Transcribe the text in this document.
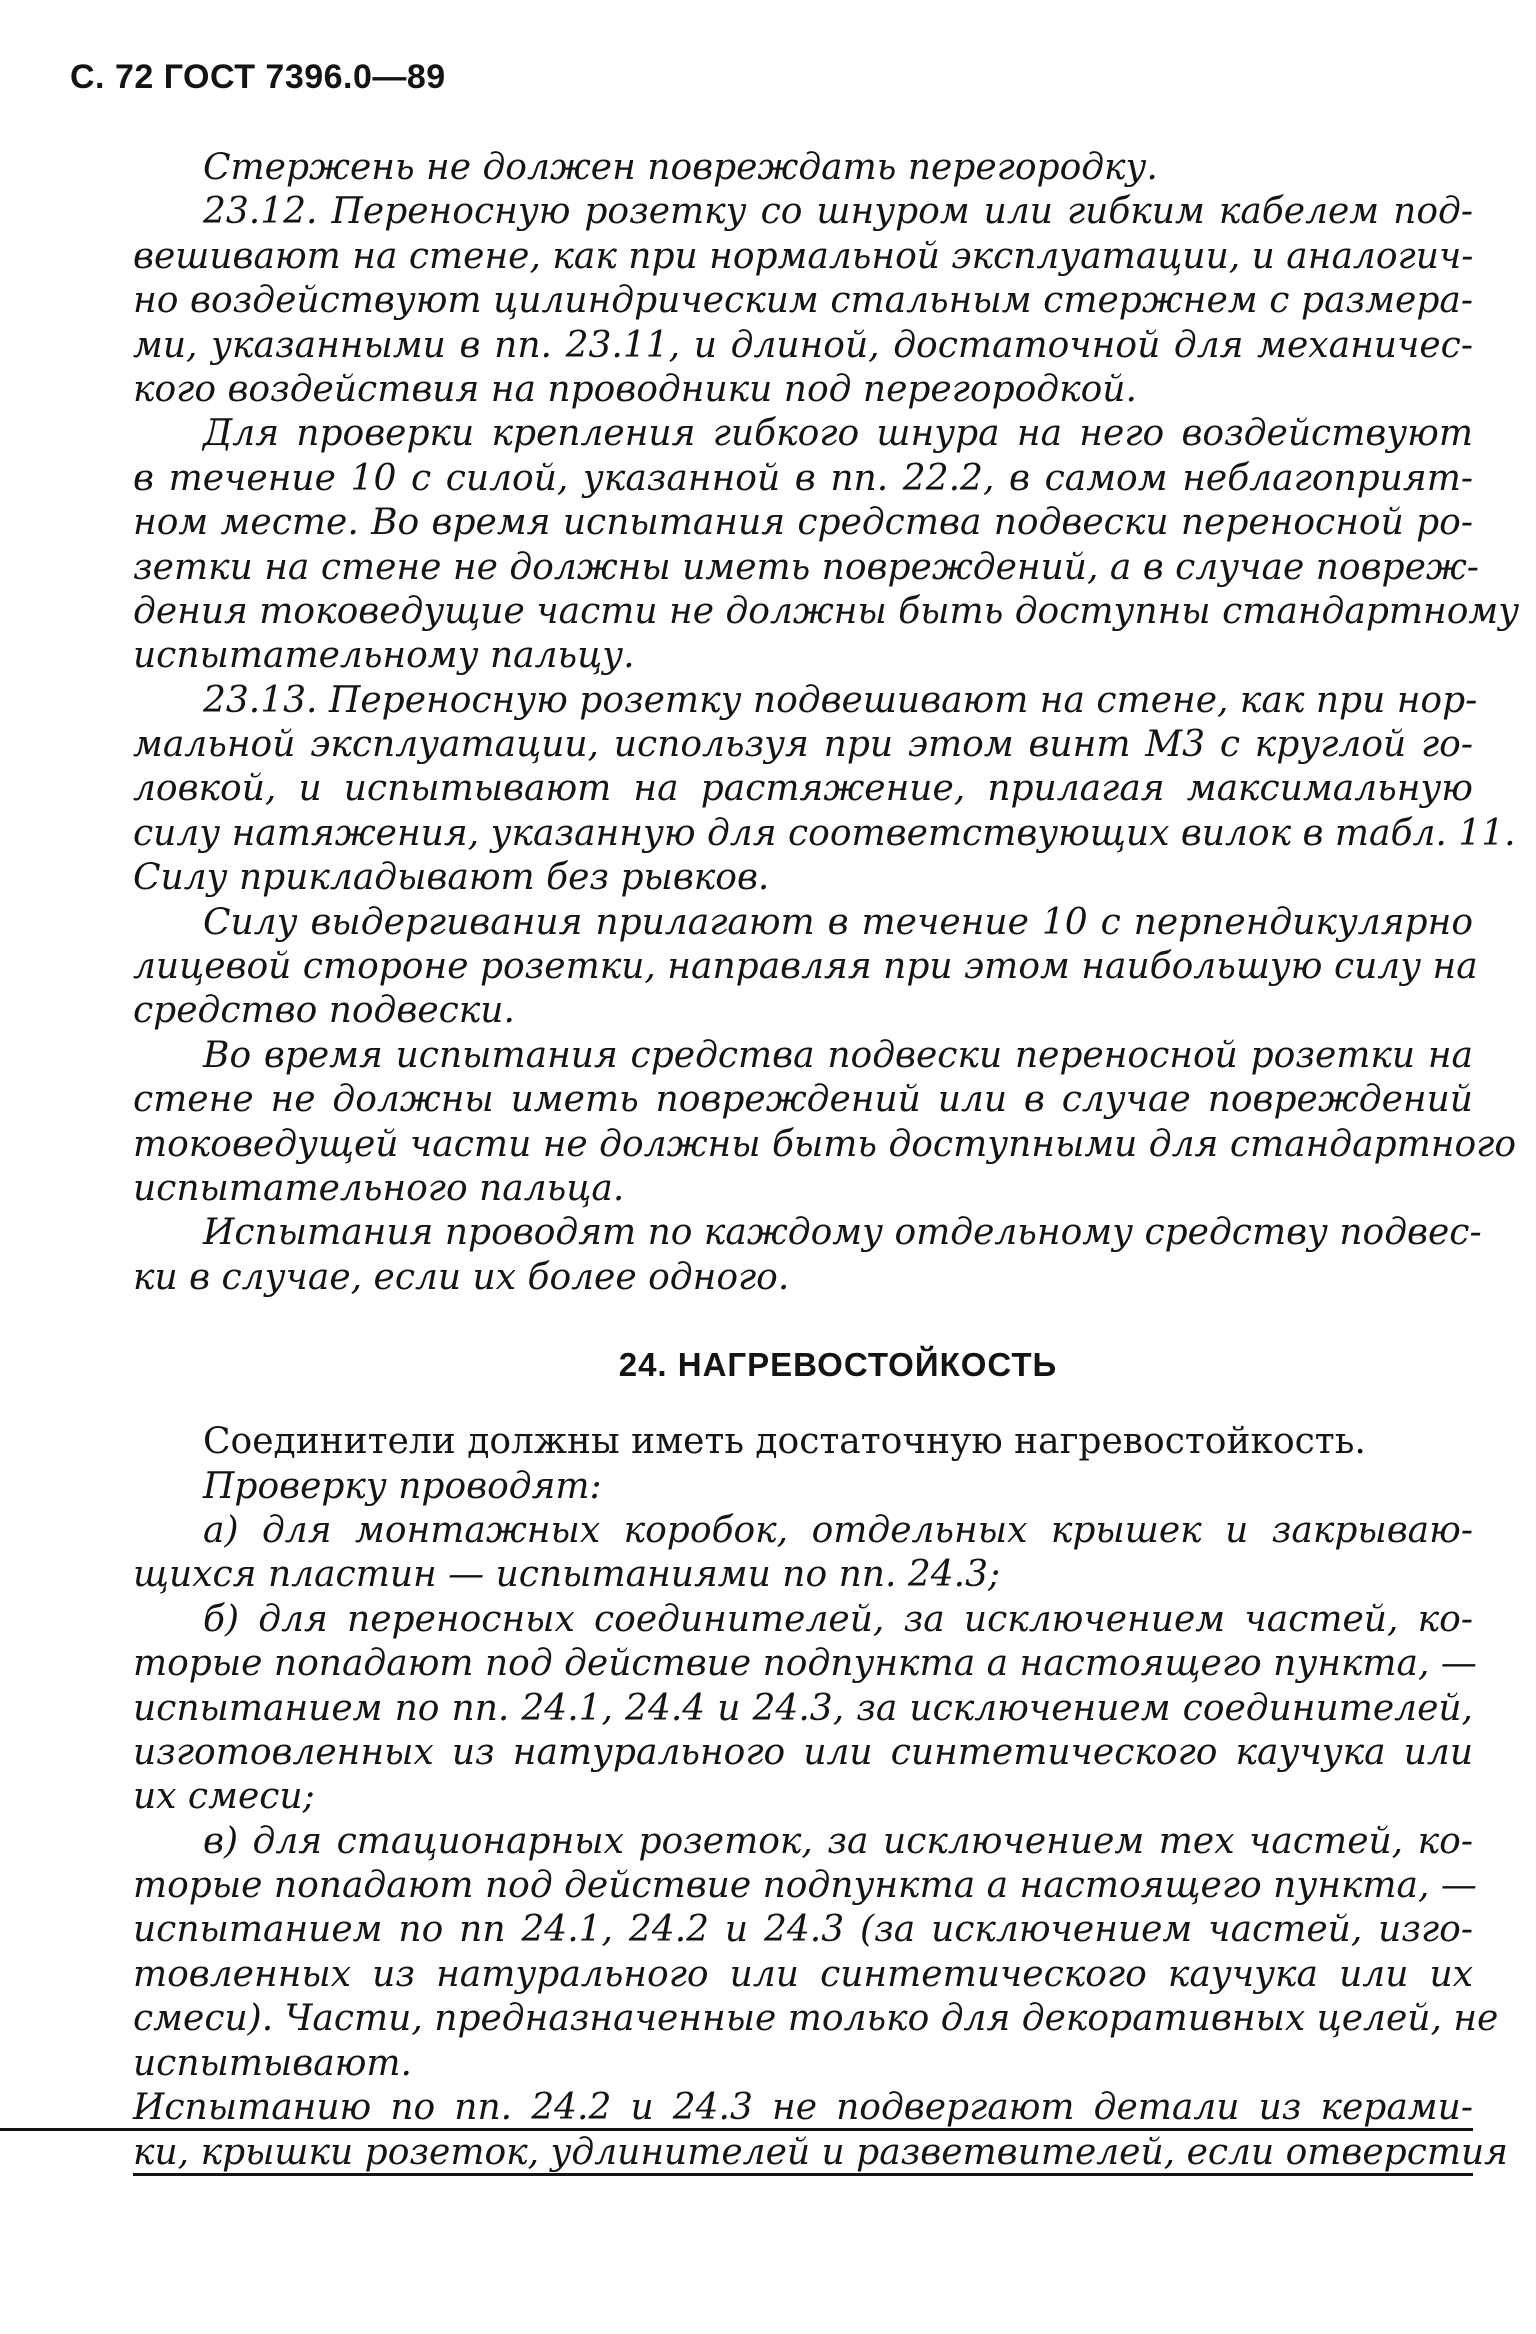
С. 72 ГОСТ 7396.0—89

Стержень не должен повреждать перегородку.
23.12. Переносную розетку со шнуром или гибким кабелем под-
вешивают на стене, как при нормальной эксплуатации, и аналогич-
но воздействуют цилиндрическим стальным стержнем с размера-
ми, указанными в пп. 23.11, и длиной, достаточной для механичес-
кого воздействия на проводники под перегородкой.
Для проверки крепления гибкого шнура на него воздействуют
в течение 10 с силой, указанной в пп. 22.2, в самом неблагоприят-
ном месте. Во время испытания средства подвески переносной ро-
зетки на стене не должны иметь повреждений, а в случае повреж-
дения токоведущие части не должны быть доступны стандартному
испытательному пальцу.
23.13. Переносную розетку подвешивают на стене, как при нор-
мальной эксплуатации, используя при этом винт М3 с круглой го-
ловкой, и испытывают на растяжение, прилагая максимальную
силу натяжения, указанную для соответствующих вилок в табл. 11.
Силу прикладывают без рывков.
Силу выдергивания прилагают в течение 10 с перпендикулярно
лицевой стороне розетки, направляя при этом наибольшую силу на
средство подвески.
Во время испытания средства подвески переносной розетки на
стене не должны иметь повреждений или в случае повреждений
токоведущей части не должны быть доступными для стандартного
испытательного пальца.
Испытания проводят по каждому отдельному средству подвес-
ки в случае, если их более одного.
24. НАГРЕВОСТОЙКОСТЬ
Соединители должны иметь достаточную нагревостойкость.
Проверку проводят:
а) для монтажных коробок, отдельных крышек и закрываю-
щихся пластин — испытаниями по пп. 24.3;
б) для переносных соединителей, за исключением частей, ко-
торые попадают под действие подпункта а настоящего пункта, —
испытанием по пп. 24.1, 24.4 и 24.3, за исключением соединителей,
изготовленных из натурального или синтетического каучука или
их смеси;
в) для стационарных розеток, за исключением тех частей, ко-
торые попадают под действие подпункта а настоящего пункта, —
испытанием по пп 24.1, 24.2 и 24.3 (за исключением частей, изго-
товленных из натурального или синтетического каучука или их
смеси). Части, предназначенные только для декоративных целей, не
испытывают.
Испытанию по пп. 24.2 и 24.3 не подвергают детали из керами-
ки, крышки розеток, удлинителей и разветвителей, если отверстия
